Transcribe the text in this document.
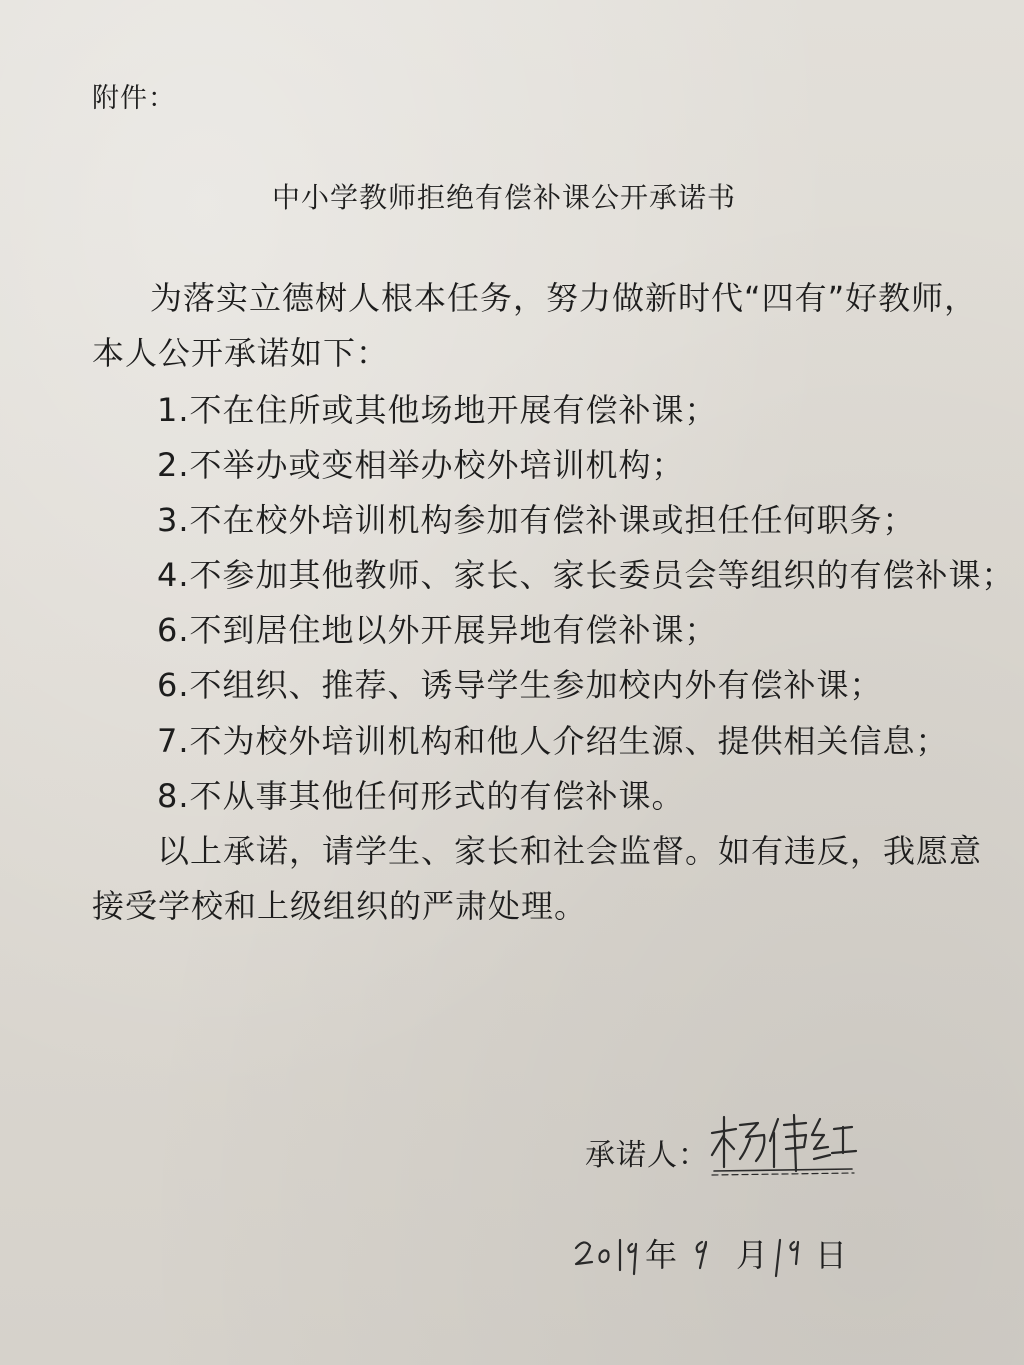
附件：

中小学教师拒绝有偿补课公开承诺书

为落实立德树人根本任务，努力做新时代“四有”好教师，

本人公开承诺如下：

1.不在住所或其他场地开展有偿补课；

2.不举办或变相举办校外培训机构；

3.不在校外培训机构参加有偿补课或担任任何职务；

4.不参加其他教师、家长、家长委员会等组织的有偿补课；

6.不到居住地以外开展异地有偿补课；

6.不组织、推荐、诱导学生参加校内外有偿补课；

7.不为校外培训机构和他人介绍生源、提供相关信息；

8.不从事其他任何形式的有偿补课。

以上承诺，请学生、家长和社会监督。如有违反，我愿意

接受学校和上级组织的严肃处理。

承诺人：

年 月 日
